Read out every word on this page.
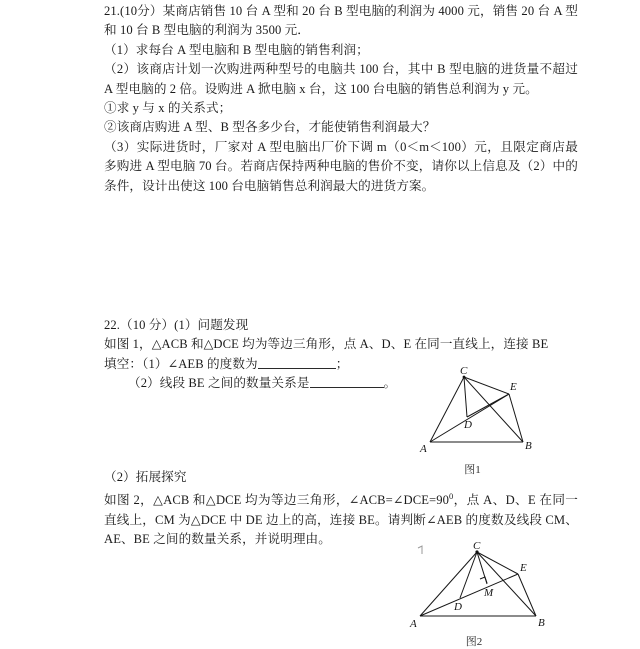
21.(10分）某商店销售 10 台 A 型和 20 台 B 型电脑的利润为 4000 元，销售 20 台 A 型和 10 台 B 型电脑的利润为 3500 元．

（1）求每台 A 型电脑和 B 型电脑的销售利润；

（2）该商店计划一次购进两种型号的电脑共 100 台，其中 B 型电脑的进货量不超过 A 型电脑的 2 倍。设购进 A 掀电脑 x 台，这 100 台电脑的销售总利润为 y 元。

①求 y 与 x 的关系式；

②该商店购进 A 型、B 型各多少台，才能使销售利润最大？

（3）实际进货时，厂家对 A 型电脑出厂价下调 m（0＜m＜100）元，且限定商店最多购进 A 型电脑 70 台。若商店保持两种电脑的售价不变，请你以上信息及（2）中的条件，设计出使这 100 台电脑销售总利润最大的进货方案。

22.（10 分）(1）问题发现

如图 1，△ACB 和△DCE 均为等边三角形，点 A、D、E 在同一直线上，连接 BE

填空：（1）∠AEB 的度数为	；

（2）线段 BE 之间的数量关系是	。

（2）拓展探究

如图 2，△ACB 和△DCE 均为等边三角形，$\angle ACB=\angle DCE=90^0$，点 A、D、E 在同一直线上，CM 为△DCE 中 DE 边上的高，连接 BE。请判断∠AEB 的度数及线段 CM、AE、BE 之间的数量关系，并说明理由。

C
E
D
A	B
图1
C
E
M
D
A	B
图2
